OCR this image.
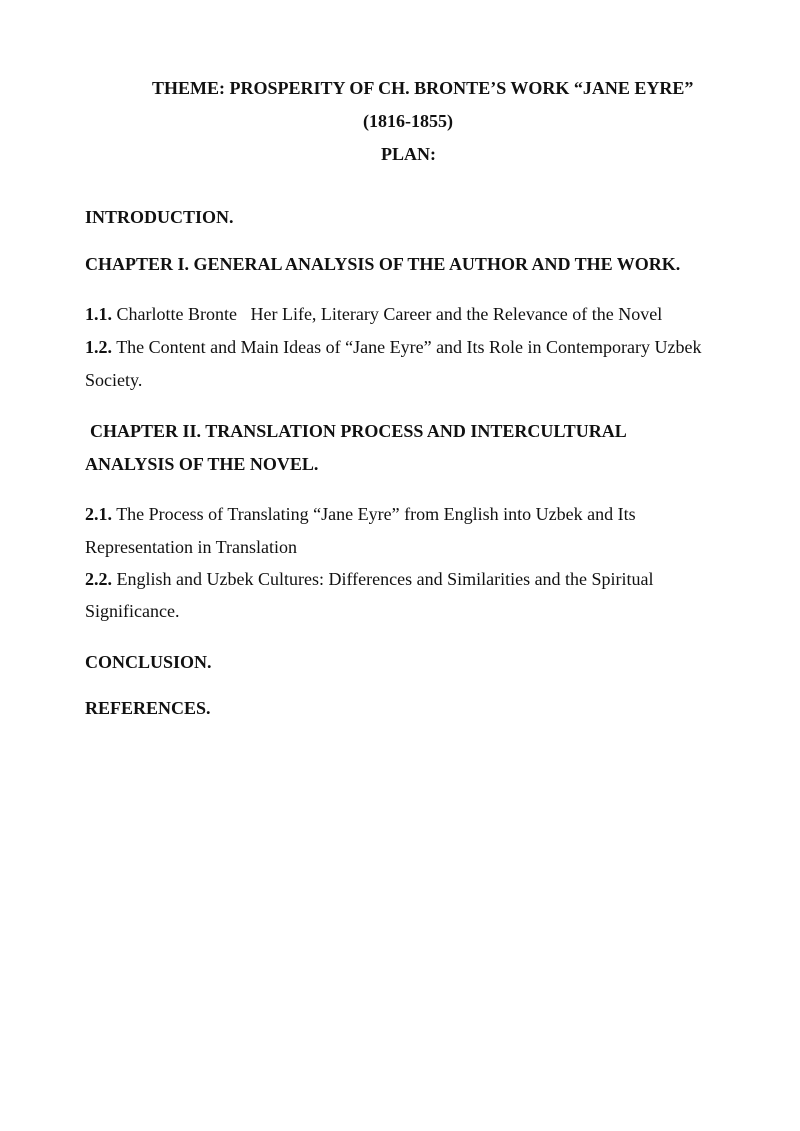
THEME: PROSPERITY OF CH. BRONTE’S WORK “JANE EYRE”
(1816-1855)
PLAN:
INTRODUCTION.
CHAPTER I. GENERAL ANALYSIS OF THE AUTHOR AND THE WORK.
1.1. Charlotte Bronte   Her Life, Literary Career and the Relevance of the Novel
1.2. The Content and Main Ideas of “Jane Eyre” and Its Role in Contemporary Uzbek
Society.
CHAPTER II. TRANSLATION PROCESS AND INTERCULTURAL
ANALYSIS OF THE NOVEL.
2.1. The Process of Translating “Jane Eyre” from English into Uzbek and Its
Representation in Translation
2.2. English and Uzbek Cultures: Differences and Similarities and the Spiritual
Significance.
CONCLUSION.
REFERENCES.
